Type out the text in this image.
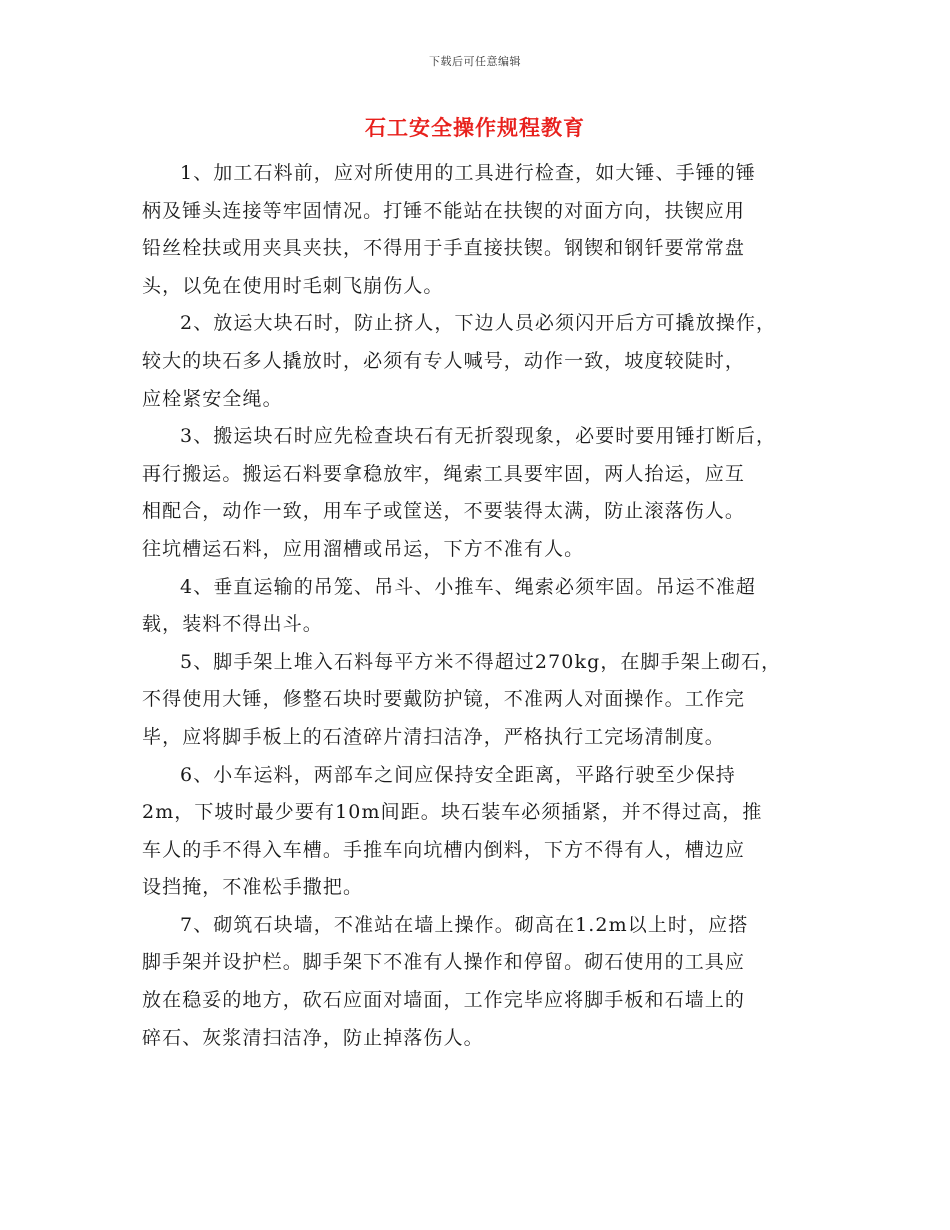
下载后可任意编辑
石工安全操作规程教育
1、加工石料前，应对所使用的工具进行检查，如大锤、手锤的锤
柄及锤头连接等牢固情况。打锤不能站在扶锲的对面方向，扶锲应用
铅丝栓扶或用夹具夹扶，不得用于手直接扶锲。钢锲和钢钎要常常盘
头，以免在使用时毛刺飞崩伤人。
2、放运大块石时，防止挤人，下边人员必须闪开后方可撬放操作，
较大的块石多人撬放时，必须有专人喊号，动作一致，坡度较陡时，
应栓紧安全绳。
3、搬运块石时应先检查块石有无折裂现象，必要时要用锤打断后，
再行搬运。搬运石料要拿稳放牢，绳索工具要牢固，两人抬运，应互
相配合，动作一致，用车子或筐送，不要装得太满，防止滚落伤人。
往坑槽运石料，应用溜槽或吊运，下方不准有人。
4、垂直运输的吊笼、吊斗、小推车、绳索必须牢固。吊运不准超
载，装料不得出斗。
5、脚手架上堆入石料每平方米不得超过270kg，在脚手架上砌石，
不得使用大锤，修整石块时要戴防护镜，不准两人对面操作。工作完
毕，应将脚手板上的石渣碎片清扫洁净，严格执行工完场清制度。
6、小车运料，两部车之间应保持安全距离，平路行驶至少保持
2m，下坡时最少要有10m间距。块石装车必须插紧，并不得过高，推
车人的手不得入车槽。手推车向坑槽内倒料，下方不得有人，槽边应
设挡掩，不准松手撒把。
7、砌筑石块墙，不准站在墙上操作。砌高在1.2m以上时，应搭
脚手架并设护栏。脚手架下不准有人操作和停留。砌石使用的工具应
放在稳妥的地方，砍石应面对墙面，工作完毕应将脚手板和石墙上的
碎石、灰浆清扫洁净，防止掉落伤人。
